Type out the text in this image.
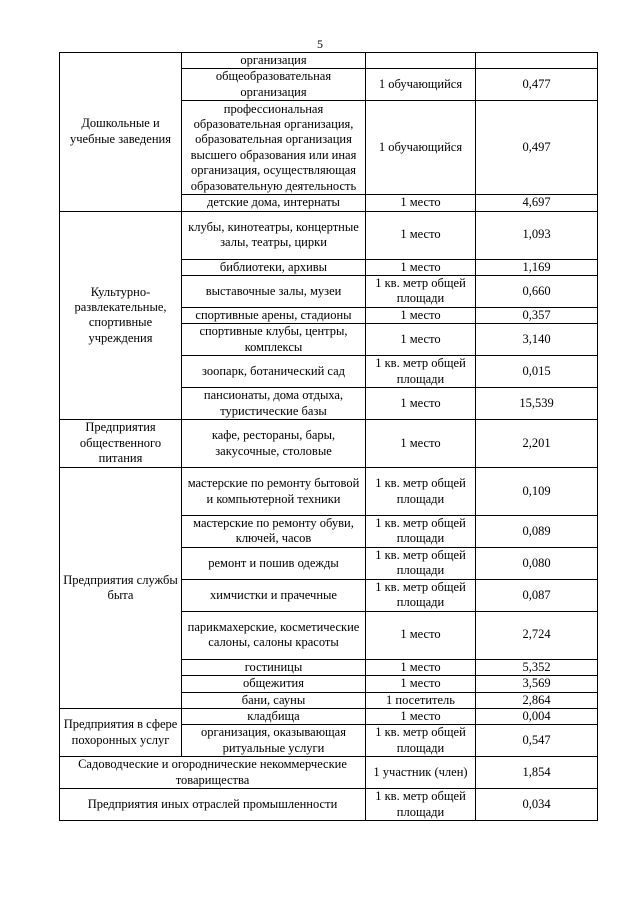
5
Дошкольные и учебные заведения	организация		
	общеобразовательная организация	1 обучающийся	0,477
	профессиональная образовательная организация, образовательная организация высшего образования или иная организация, осуществляющая образовательную деятельность	1 обучающийся	0,497
	детские дома, интернаты	1 место	4,697
Культурно-развлекательные, спортивные учреждения	клубы, кинотеатры, концертные залы, театры, цирки	1 место	1,093
	библиотеки, архивы	1 место	1,169
	выставочные залы, музеи	1 кв. метр общей площади	0,660
	спортивные арены, стадионы	1 место	0,357
	спортивные клубы, центры, комплексы	1 место	3,140
	зоопарк, ботанический сад	1 кв. метр общей площади	0,015
	пансионаты, дома отдыха, туристические базы	1 место	15,539
Предприятия общественного питания	кафе, рестораны, бары, закусочные, столовые	1 место	2,201
Предприятия службы быта	мастерские по ремонту бытовой и компьютерной техники	1 кв. метр общей площади	0,109
	мастерские по ремонту обуви, ключей, часов	1 кв. метр общей площади	0,089
	ремонт и пошив одежды	1 кв. метр общей площади	0,080
	химчистки и прачечные	1 кв. метр общей площади	0,087
	парикмахерские, косметические салоны, салоны красоты	1 место	2,724
	гостиницы	1 место	5,352
	общежития	1 место	3,569
	бани, сауны	1 посетитель	2,864
Предприятия в сфере похоронных услуг	кладбища	1 место	0,004
	организация, оказывающая ритуальные услуги	1 кв. метр общей площади	0,547
Садоводческие и огороднические некоммерческие товарищества		1 участник (член)	1,854
Предприятия иных отраслей промышленности		1 кв. метр общей площади	0,034
